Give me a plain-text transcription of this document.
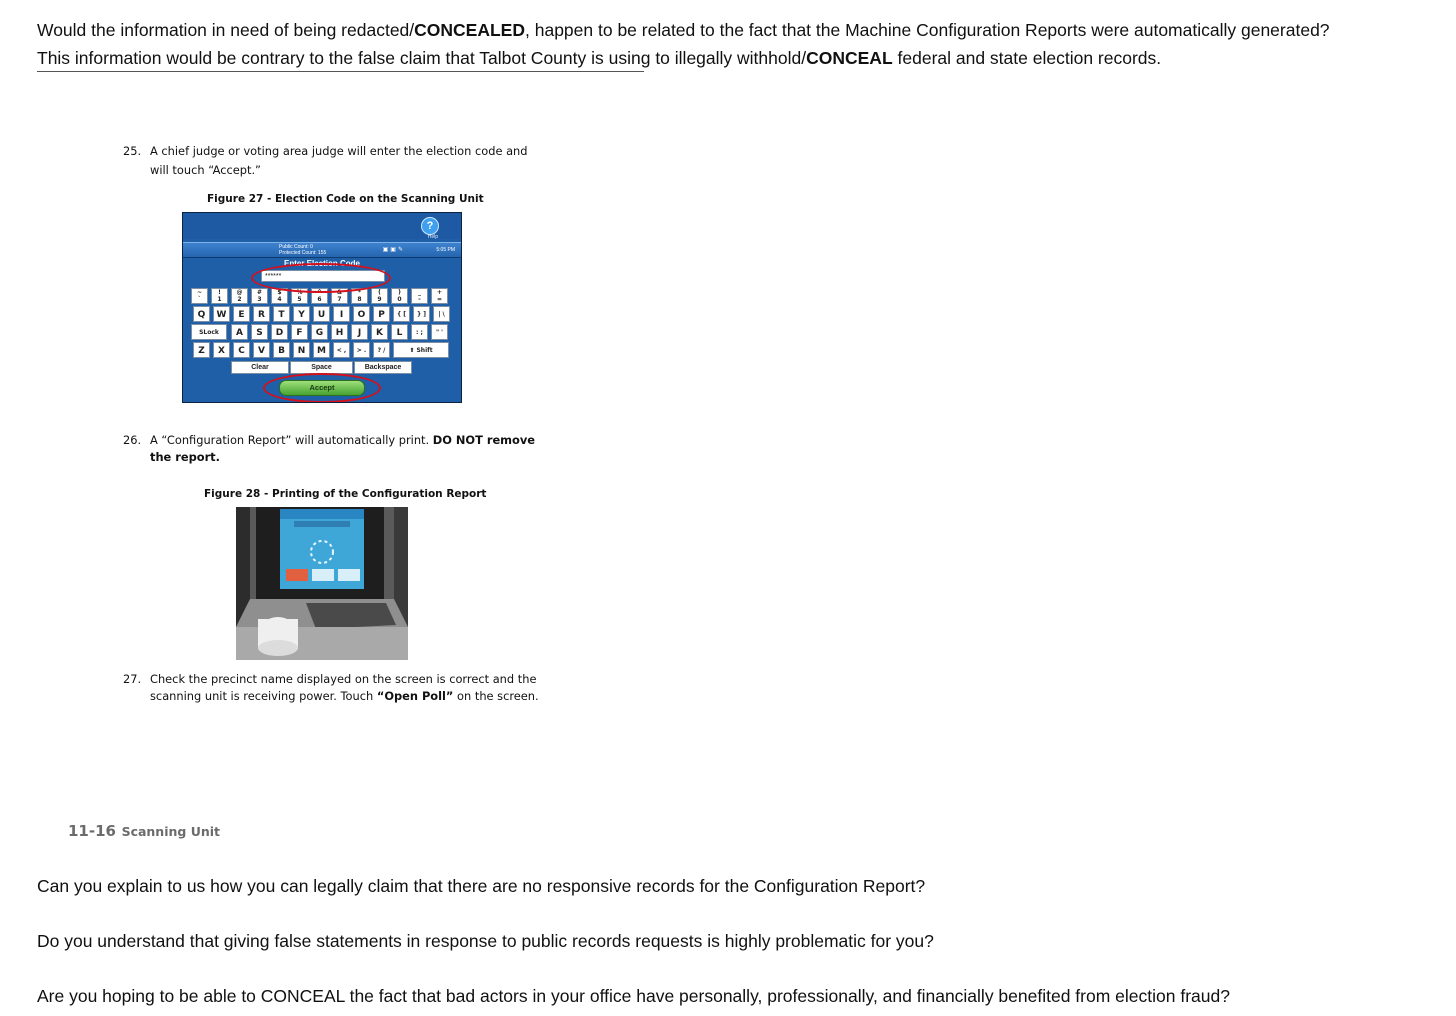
Would the information in need of being redacted/CONCEALED, happen to be related to the fact that the Machine Configuration Reports were automatically generated?
This information would be contrary to the false claim that Talbot County is using to illegally withhold/CONCEAL federal and state election records.
25. A chief judge or voting area judge will enter the election code and
will touch “Accept.”
Figure 27 - Election Code on the Scanning Unit
?
Help
Public Count: 0
Protected Count: 155	▣▣✎	5:05 PM
Enter Election Code
******
~
`
!
1
@
2
#
3
$
4
%
5
^
6
&
7
*
8
(
9
)
0
_
-
+
=
Q	W	E	R	T	Y	U	I	O	P	{ [	} ]	| \
SLock	A	S	D	F	G	H	J	K	L	: ;	" '
Z	X	C	V	B	N	M	< ,	> .	? /	⬆ Shift
Clear	Space	Backspace
Accept
26. A “Configuration Report” will automatically print. DO NOT remove
the report.
Figure 28 - Printing of the Configuration Report
27. Check the precinct name displayed on the screen is correct and the
scanning unit is receiving power. Touch “Open Poll” on the screen.
11-16 Scanning Unit
Can you explain to us how you can legally claim that there are no responsive records for the Configuration Report?
Do you understand that giving false statements in response to public records requests is highly problematic for you?
Are you hoping to be able to CONCEAL the fact that bad actors in your office have personally, professionally, and financially benefited from election fraud?
